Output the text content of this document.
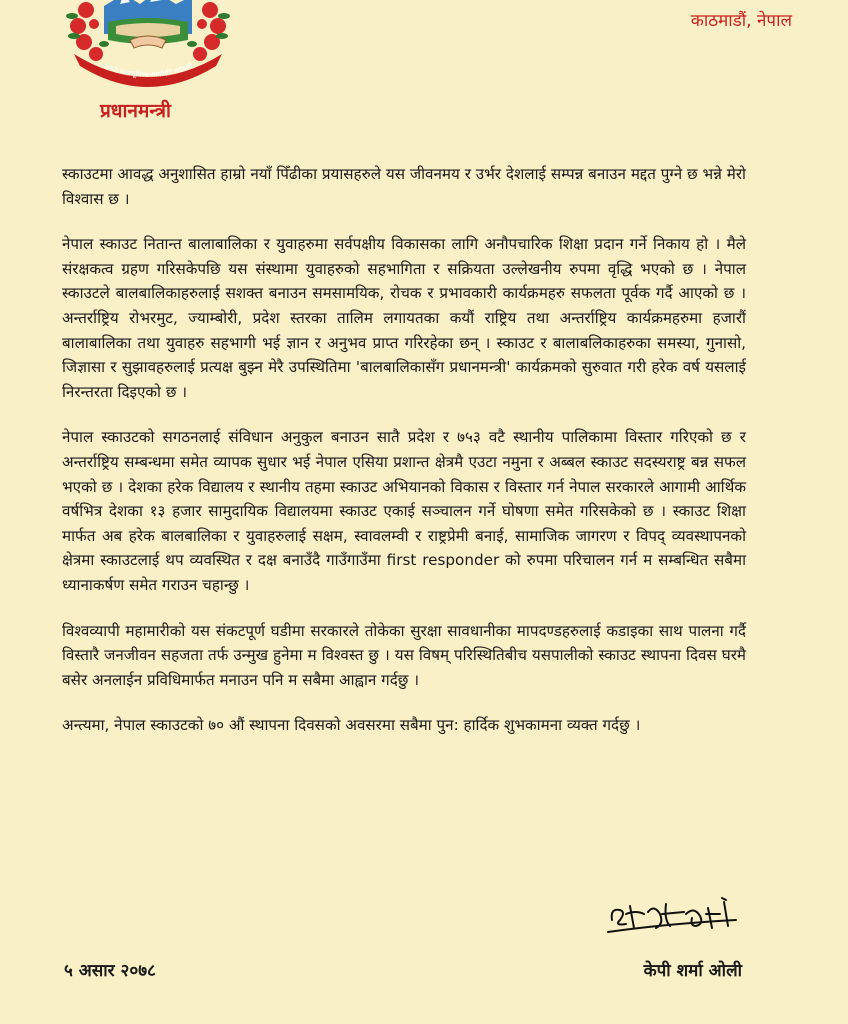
जननी जन्मभूमिश्च स्वर्गादपि गरीयसी
प्रधानमन्त्री
काठमाडौं, नेपाल

स्काउटमा आवद्ध अनुशासित हाम्रो नयाँ पिँढीका प्रयासहरुले यस जीवनमय र उर्भर देशलाई सम्पन्न बनाउन मद्दत पुग्ने छ भन्ने मेरो विश्वास छ ।

नेपाल स्काउट नितान्त बालाबालिका र युवाहरुमा सर्वपक्षीय विकासका लागि अनौपचारिक शिक्षा प्रदान गर्ने निकाय हो । मैले संरक्षकत्व ग्रहण गरिसकेपछि यस संस्थामा युवाहरुको सहभागिता र सक्रियता उल्लेखनीय रुपमा वृद्धि भएको छ । नेपाल स्काउटले बालबालिकाहरुलाई सशक्त बनाउन समसामयिक, रोचक र प्रभावकारी कार्यक्रमहरु सफलता पूर्वक गर्दै आएको छ । अन्तर्राष्ट्रिय रोभरमुट, ज्याम्बोरी, प्रदेश स्तरका तालिम लगायतका कयौं राष्ट्रिय तथा अन्तर्राष्ट्रिय कार्यक्रमहरुमा हजारौं बालाबालिका तथा युवाहरु सहभागी भई ज्ञान र अनुभव प्राप्त गरिरहेका छन् । स्काउट र बालाबलिकाहरुका समस्या, गुनासो, जिज्ञासा र सुझावहरुलाई प्रत्यक्ष बुझ्न मेरै उपस्थितिमा 'बालबालिकासँग प्रधानमन्त्री' कार्यक्रमको सुरुवात गरी हरेक वर्ष यसलाई निरन्तरता दिइएको छ ।

नेपाल स्काउटको सगठनलाई संविधान अनुकुल बनाउन सातै प्रदेश र ७५३ वटै स्थानीय पालिकामा विस्तार गरिएको छ र अन्तर्राष्ट्रिय सम्बन्धमा समेत व्यापक सुधार भई नेपाल एसिया प्रशान्त क्षेत्रमै एउटा नमुना र अब्बल स्काउट सदस्यराष्ट्र बन्न सफल भएको छ । देशका हरेक विद्यालय र स्थानीय तहमा स्काउट अभियानको विकास र विस्तार गर्न नेपाल सरकारले आगामी आर्थिक वर्षभित्र देशका १३ हजार सामुदायिक विद्यालयमा स्काउट एकाई सञ्चालन गर्ने घोषणा समेत गरिसकेको छ । स्काउट शिक्षा मार्फत अब हरेक बालबालिका र युवाहरुलाई सक्षम, स्वावलम्वी र राष्ट्रप्रेमी बनाई, सामाजिक जागरण र विपद् व्यवस्थापनको क्षेत्रमा स्काउटलाई थप व्यवस्थित र दक्ष बनाउँदै गाउँगाउँमा first responder को रुपमा परिचालन गर्न म सम्बन्धित सबैमा ध्यानाकर्षण समेत गराउन चहान्छु ।

विश्वव्यापी महामारीको यस संकटपूर्ण घडीमा सरकारले तोकेका सुरक्षा सावधानीका मापदण्डहरुलाई कडाइका साथ पालना गर्दै विस्तारै जनजीवन सहजता तर्फ उन्मुख हुनेमा म विश्वस्त छु । यस विषम् परिस्थितिबीच यसपालीको स्काउट स्थापना दिवस घरमै बसेर अनलाईन प्रविधिमार्फत मनाउन पनि म सबैमा आह्वान गर्दछु ।

अन्त्यमा, नेपाल स्काउटको ७० औं स्थापना दिवसको अवसरमा सबैमा पुन: हार्दिक शुभकामना व्यक्त गर्दछु ।

५ असार २०७८	केपी शर्मा ओली
